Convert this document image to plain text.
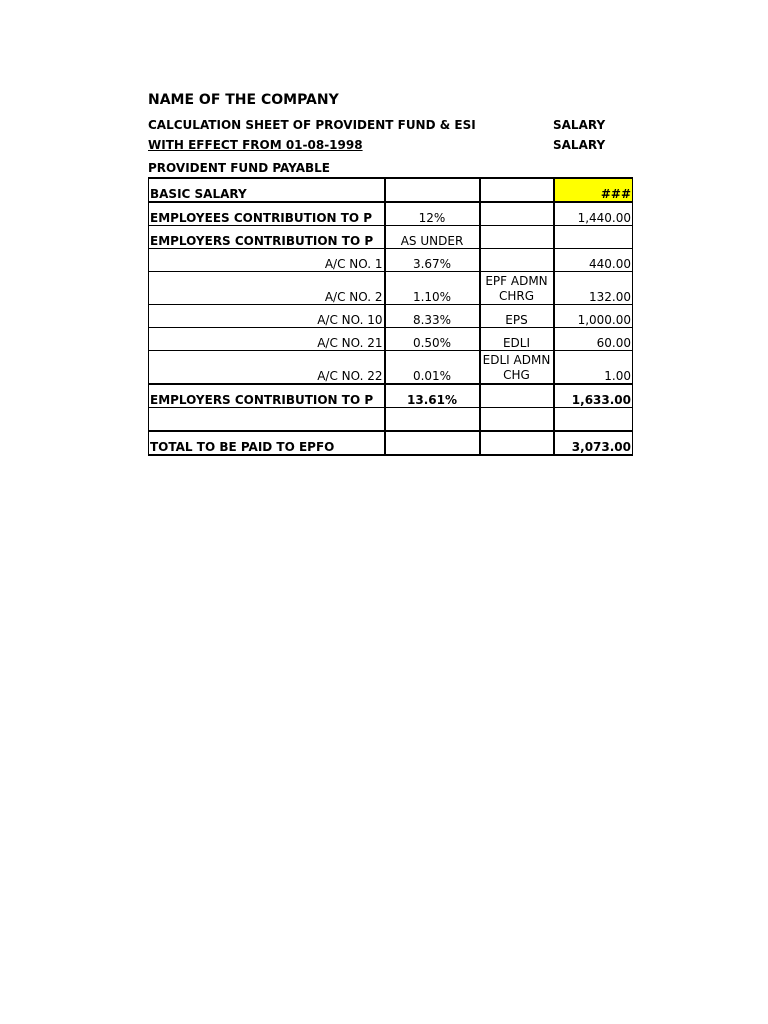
NAME OF THE COMPANY
CALCULATION SHEET OF PROVIDENT FUND & ESI	SALARY
WITH EFFECT FROM 01-08-1998	SALARY
PROVIDENT FUND PAYABLE
BASIC SALARY			###
EMPLOYEES CONTRIBUTION TO P	12%		1,440.00
EMPLOYERS CONTRIBUTION TO P	AS UNDER		
A/C NO. 1	3.67%		440.00
A/C NO. 2	1.10%	EPF ADMN CHRG	132.00
A/C NO. 10	8.33%	EPS	1,000.00
A/C NO. 21	0.50%	EDLI	60.00
A/C NO. 22	0.01%	EDLI ADMN CHG	1.00
EMPLOYERS CONTRIBUTION TO P	13.61%		1,633.00

TOTAL TO BE PAID TO EPFO			3,073.00
